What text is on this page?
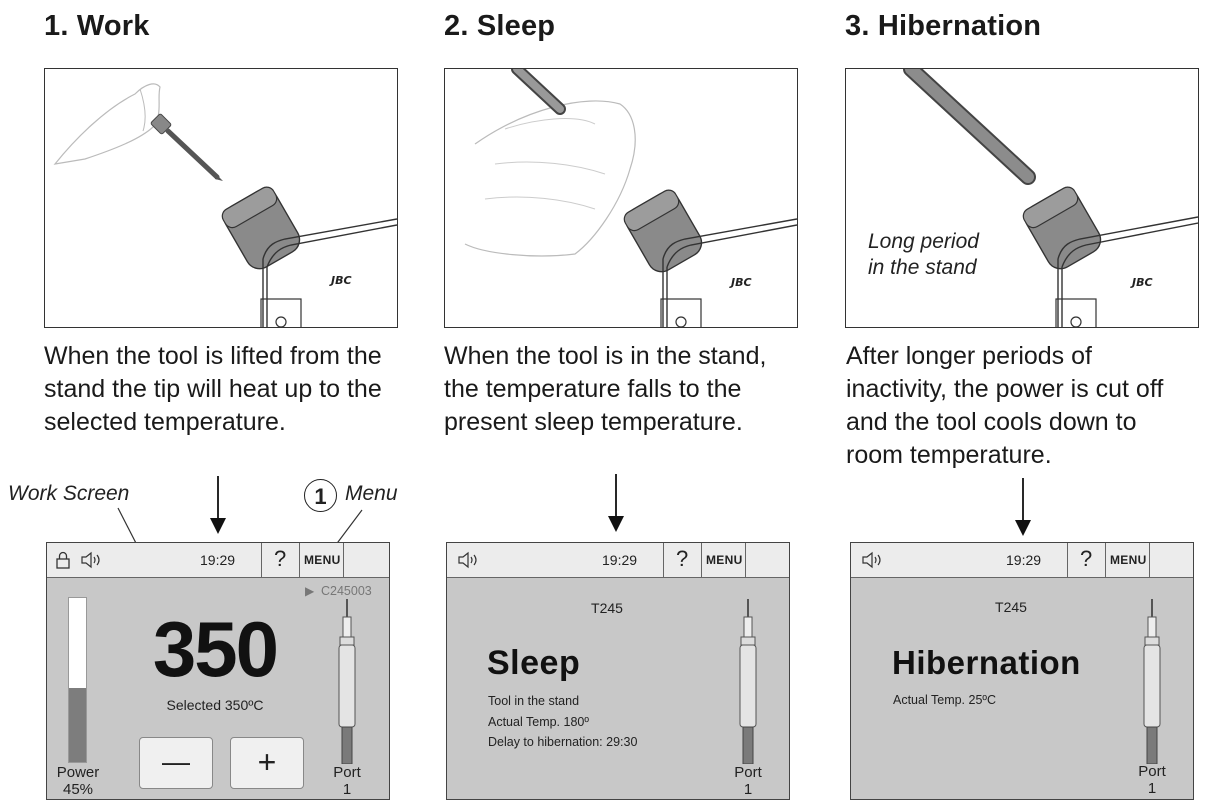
1. Work	2. Sleep	3. Hibernation
JBC	JBC	JBC
Long period
in the stand
When the tool is lifted from the
stand the tip will heat up to the
selected temperature.
When the tool is in the stand,
the temperature falls to the
present sleep temperature.
After longer periods of
inactivity, the power is cut off
and the tool cools down to
room temperature.
Work Screen	1 Menu
19:29 ? MENU
▶ C245003
Power
45%
350
Selected 350ºC
—	+	Port
1
19:29 ? MENU
T245
Sleep
Tool in the stand
Actual Temp. 180º
Delay to hibernation: 29:30
Port
1
19:29 ? MENU
T245
Hibernation
Actual Temp. 25ºC
Port
1
